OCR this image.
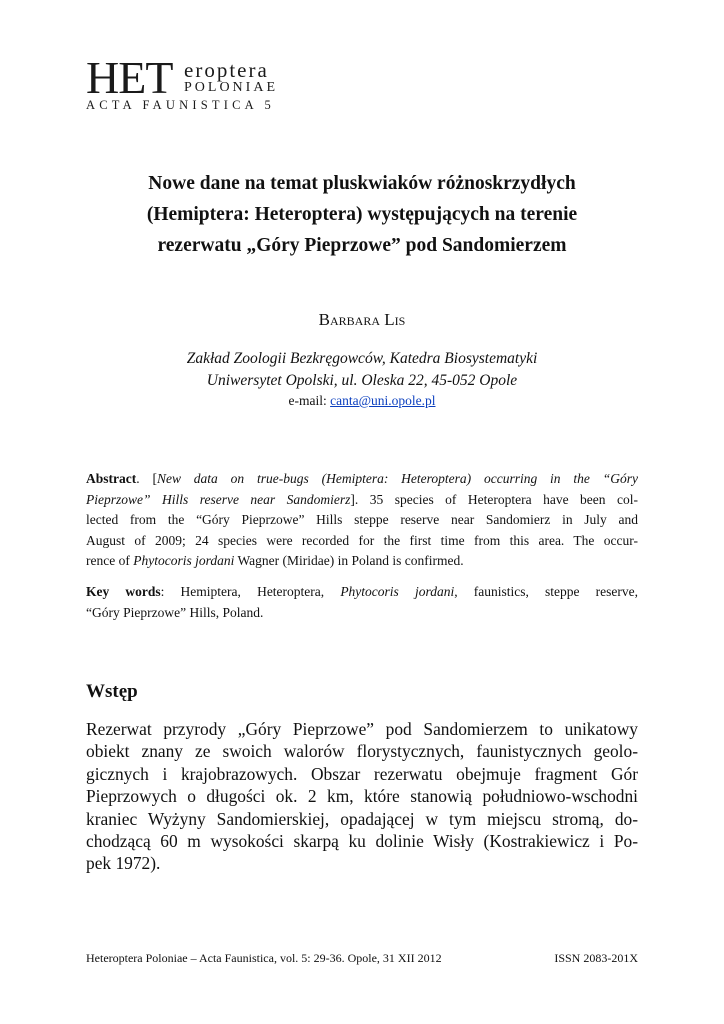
HET eroptera
POLONIAE
ACTA FAUNISTICA 5
Nowe dane na temat pluskwiaków różnoskrzydłych
(Hemiptera: Heteroptera) występujących na terenie
rezerwatu „Góry Pieprzowe” pod Sandomierzem
Barbara Lis
Zakład Zoologii Bezkręgowców, Katedra Biosystematyki
Uniwersytet Opolski, ul. Oleska 22, 45-052 Opole
e-mail: canta@uni.opole.pl

Abstract. [New data on true-bugs (Hemiptera: Heteroptera) occurring in the “Góry
Pieprzowe” Hills reserve near Sandomierz]. 35 species of Heteroptera have been col-
lected from the “Góry Pieprzowe” Hills steppe reserve near Sandomierz in July and
August of 2009; 24 species were recorded for the first time from this area. The occur-
rence of Phytocoris jordani Wagner (Miridae) in Poland is confirmed.

Key words: Hemiptera, Heteroptera, Phytocoris jordani, faunistics, steppe reserve,
“Góry Pieprzowe” Hills, Poland.

Wstęp

Rezerwat przyrody „Góry Pieprzowe” pod Sandomierzem to unikatowy
obiekt znany ze swoich walorów florystycznych, faunistycznych geolo-
gicznych i krajobrazowych. Obszar rezerwatu obejmuje fragment Gór
Pieprzowych o długości ok. 2 km, które stanowią południowo-wschodni
kraniec Wyżyny Sandomierskiej, opadającej w tym miejscu stromą, do-
chodzącą 60 m wysokości skarpą ku dolinie Wisły (Kostrakiewicz i Po-
pek 1972).

Heteroptera Poloniae – Acta Faunistica, vol. 5: 29-36. Opole, 31 XII 2012	ISSN 2083-201X
